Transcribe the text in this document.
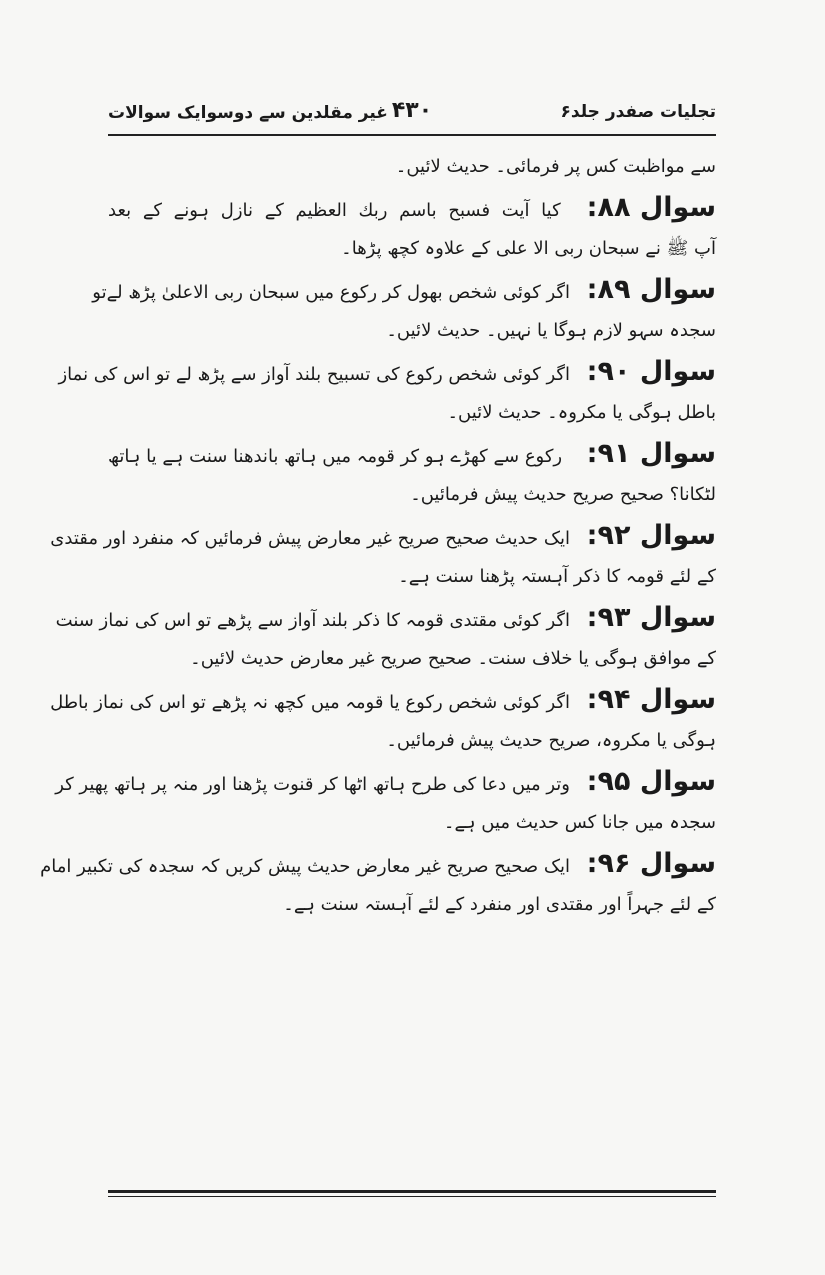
تجلیات صفدر جلد۶
۴۳۰
غیر مقلدین سے دوسوایک سوالات
سے مواظبت کس پر فرمائی۔ حدیث لائیں۔
سوال ۸۸:
کیا آیت فسبح باسم ربك العظیم کے نازل ہونے کے بعد
آپ ﷺ نے سبحان ربی الا علی کے علاوہ کچھ پڑھا۔
سوال ۸۹:
اگر کوئی شخص بھول کر رکوع میں سبحان ربی الاعلیٰ پڑھ لےتو
سجدہ سہو لازم ہوگا یا نہیں۔ حدیث لائیں۔
سوال ۹۰:
اگر کوئی شخص رکوع کی تسبیح بلند آواز سے پڑھ لے تو اس کی نماز
باطل ہوگی یا مکروہ۔ حدیث لائیں۔
سوال ۹۱:
رکوع سے کھڑے ہو کر قومہ میں ہاتھ باندھنا سنت ہے یا ہاتھ
لٹکانا؟ صحیح صریح حدیث پیش فرمائیں۔
سوال ۹۲:
ایک حدیث صحیح صریح غیر معارض پیش فرمائیں کہ منفرد اور مقتدی
کے لئے قومہ کا ذکر آہستہ پڑھنا سنت ہے۔
سوال ۹۳:
اگر کوئی مقتدی قومہ کا ذکر بلند آواز سے پڑھے تو اس کی نماز سنت
کے موافق ہوگی یا خلاف سنت۔ صحیح صریح غیر معارض حدیث لائیں۔
سوال ۹۴:
اگر کوئی شخص رکوع یا قومہ میں کچھ نہ پڑھے تو اس کی نماز باطل
ہوگی یا مکروہ، صریح حدیث پیش فرمائیں۔
سوال ۹۵:
وتر میں دعا کی طرح ہاتھ اٹھا کر قنوت پڑھنا اور منہ پر ہاتھ پھیر کر
سجدہ میں جانا کس حدیث میں ہے۔
سوال ۹۶:
ایک صحیح صریح غیر معارض حدیث پیش کریں کہ سجدہ کی تکبیر امام
کے لئے جہراً اور مقتدی اور منفرد کے لئے آہستہ سنت ہے۔
